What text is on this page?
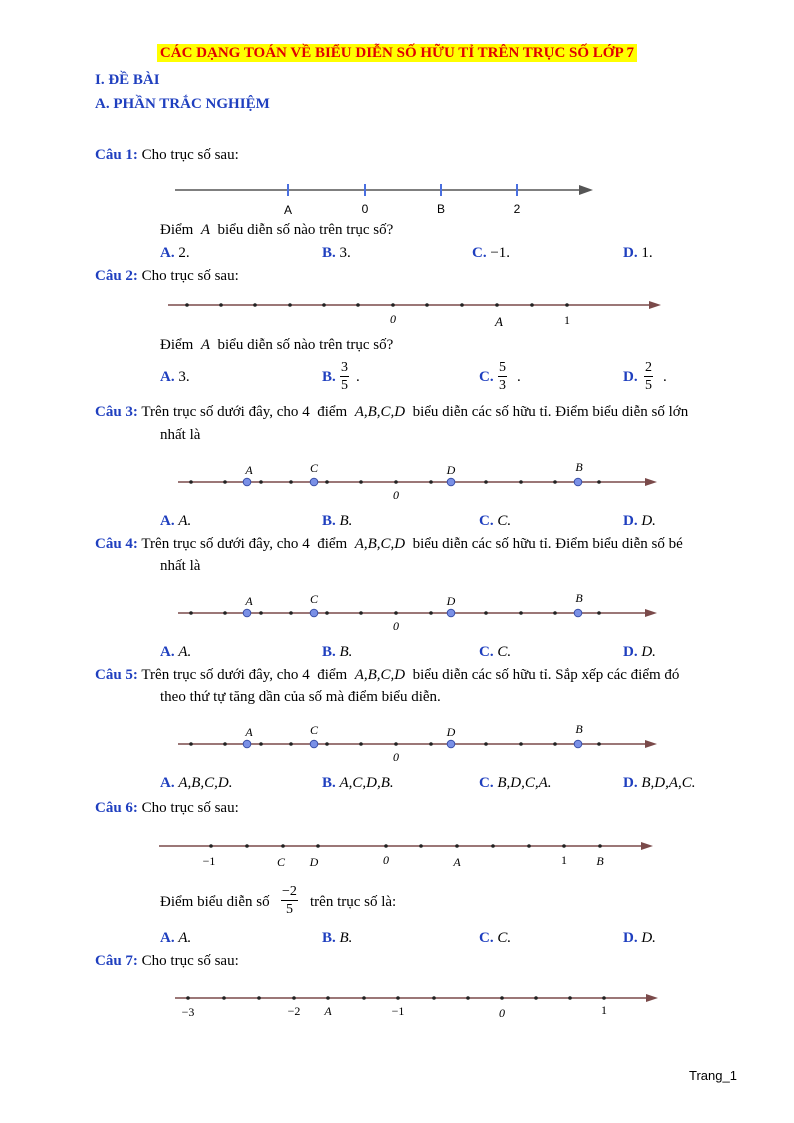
CÁC DẠNG TOÁN VỀ BIỂU DIỄN SỐ HỮU TỈ TRÊN TRỤC SỐ LỚP 7
I. ĐỀ BÀI
A. PHẦN TRẮC NGHIỆM
Câu 1: Cho trục số sau:
A	0	B	2
Điểm A biểu diễn số nào trên trục số?
A. 2.	B. 3.	C. −1.	D. 1.
Câu 2: Cho trục số sau:
0	A	1
Điểm A biểu diễn số nào trên trục số?
A. 3.	B. $\frac{3}{5}$ .	C. $\frac{5}{3}$ .	D. $\frac{2}{5}$ .
Câu 3: Trên trục số dưới đây, cho 4 điểm A,B,C,D biểu diễn các số hữu tỉ. Điểm biểu diễn số lớn
nhất là
A	C	D	B
0
A. A.	B. B.	C. C.	D. D.
Câu 4: Trên trục số dưới đây, cho 4 điểm A,B,C,D biểu diễn các số hữu tỉ. Điểm biểu diễn số bé
nhất là
A	C	D	B
0
A. A.	B. B.	C. C.	D. D.
Câu 5: Trên trục số dưới đây, cho 4 điểm A,B,C,D biểu diễn các số hữu tỉ. Sắp xếp các điểm đó
theo thứ tự tăng dần của số mà điểm biểu diễn.
A	C	D	B
0
A. A,B,C,D.	B. A,C,D,B.	C. B,D,C,A.	D. B,D,A,C.
Câu 6: Cho trục số sau:
−1	C D	0	A	1 B
Điểm biểu diễn số $\frac{-2}{5}$ trên trục số là:
A. A.	B. B.	C. C.	D. D.
Câu 7: Cho trục số sau:
−3	−2 A	−1	0	1
Trang_1
